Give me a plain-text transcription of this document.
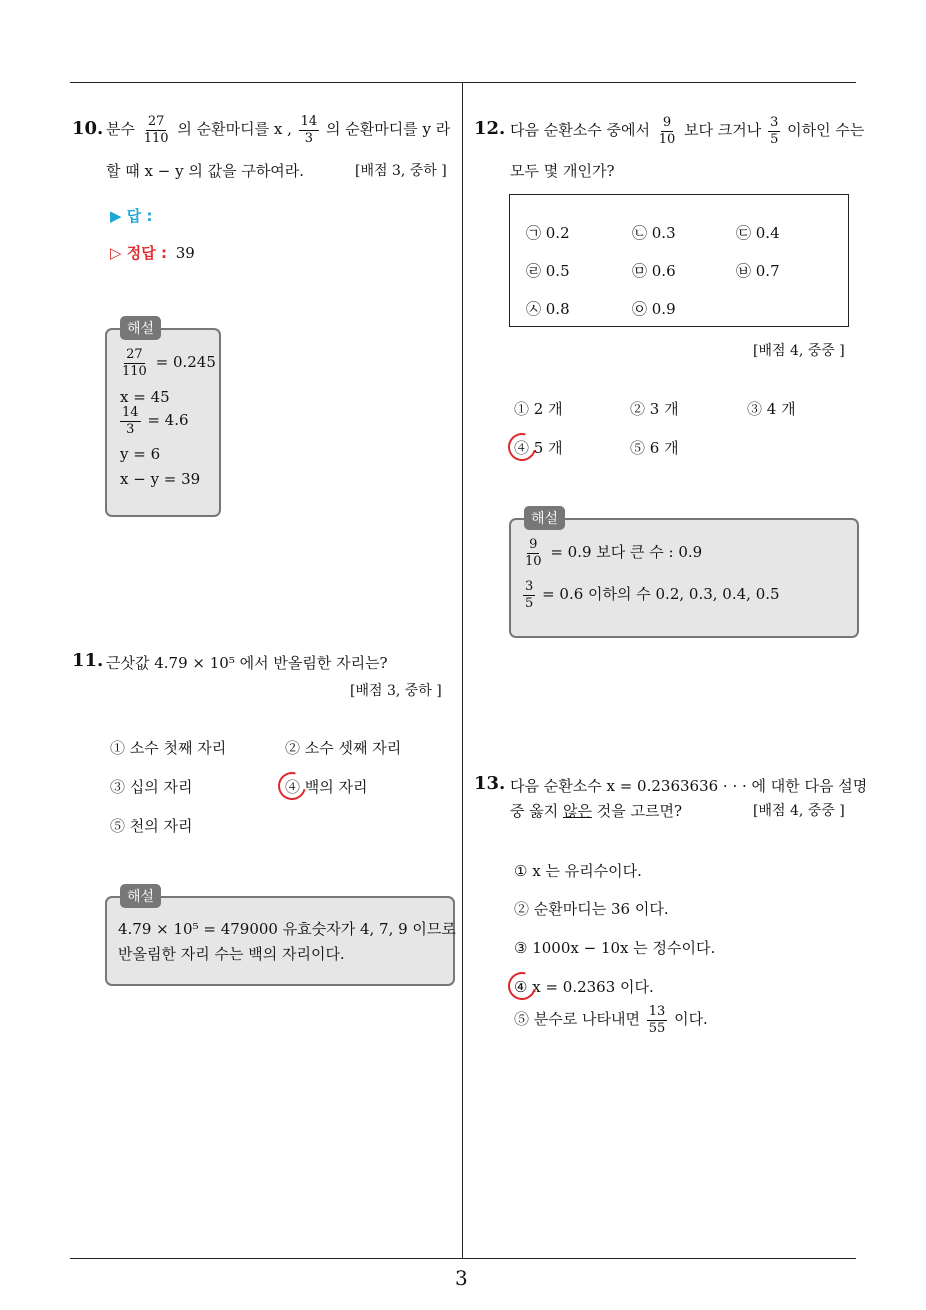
3
10. 분수 $\frac{27}{110}$ 의 순환마디를 x , $\frac{14}{3}$ 의 순환마디를 y 라
할 때 x − y 의 값을 구하여라.	[배점 3, 중하 ]
▶ 답 :
▷ 정답 : 39
해설
$\frac{27}{110} = 0.245$
x = 45
$\frac{14}{3} = 4.6$
y = 6
x − y = 39
11. 근삿값 4.79 × 10⁵ 에서 반올림한 자리는?
[배점 3, 중하 ]
① 소수 첫째 자리	② 소수 셋째 자리
③ 십의 자리	④ 백의 자리
⑤ 천의 자리
해설
4.79 × 10⁵ = 479000 유효숫자가 4, 7, 9 이므로
반올림한 자리 수는 백의 자리이다.
12. 다음 순환소수 중에서 $\frac{9}{10}$ 보다 크거나 $\frac{3}{5}$ 이하인 수는
모두 몇 개인가?
㉠ 0.2	㉡ 0.3	㉢ 0.4
㉣ 0.5	㉤ 0.6	㉥ 0.7
㉦ 0.8	㉧ 0.9
[배점 4, 중중 ]
① 2 개	② 3 개	③ 4 개
④ 5 개	⑤ 6 개
해설
$\frac{9}{10} = 0.9$ 보다 큰 수 : 0.9
$\frac{3}{5} = 0.6$ 이하의 수 0.2, 0.3, 0.4, 0.5
13. 다음 순환소수 x = 0.2363636 · · · 에 대한 다음 설명
중 옳지 않은 것을 고르면?	[배점 4, 중중 ]
① x 는 유리수이다.
② 순환마디는 36 이다.
③ 1000x − 10x 는 정수이다.
④ x = 0.2363 이다.
⑤ 분수로 나타내면 $\frac{13}{55}$ 이다.
